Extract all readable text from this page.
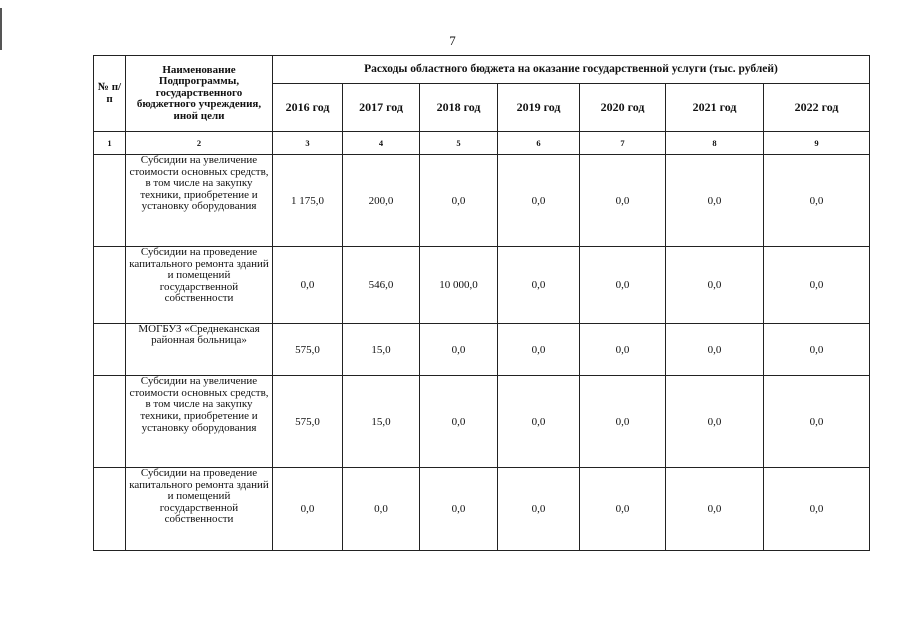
7
№ п/п	Наименование Подпрограммы, государственного бюджетного учреждения, иной цели	Расходы областного бюджета на оказание государственной услуги (тыс. рублей)						
		2016 год	2017 год	2018 год	2019 год	2020 год	2021 год	2022 год
1	2	3	4	5	6	7	8	9
	Субсидии на увеличение стоимости основных средств, в том числе на закупку техники, приобретение и установку оборудования	1 175,0	200,0	0,0	0,0	0,0	0,0	0,0
	Субсидии на проведение капитального ремонта зданий и помещений государственной собственности	0,0	546,0	10 000,0	0,0	0,0	0,0	0,0
	МОГБУЗ «Среднеканская районная больница»	575,0	15,0	0,0	0,0	0,0	0,0	0,0
	Субсидии на увеличение стоимости основных средств, в том числе на закупку техники, приобретение и установку оборудования	575,0	15,0	0,0	0,0	0,0	0,0	0,0
	Субсидии на проведение капитального ремонта зданий и помещений государственной собственности	0,0	0,0	0,0	0,0	0,0	0,0	0,0
